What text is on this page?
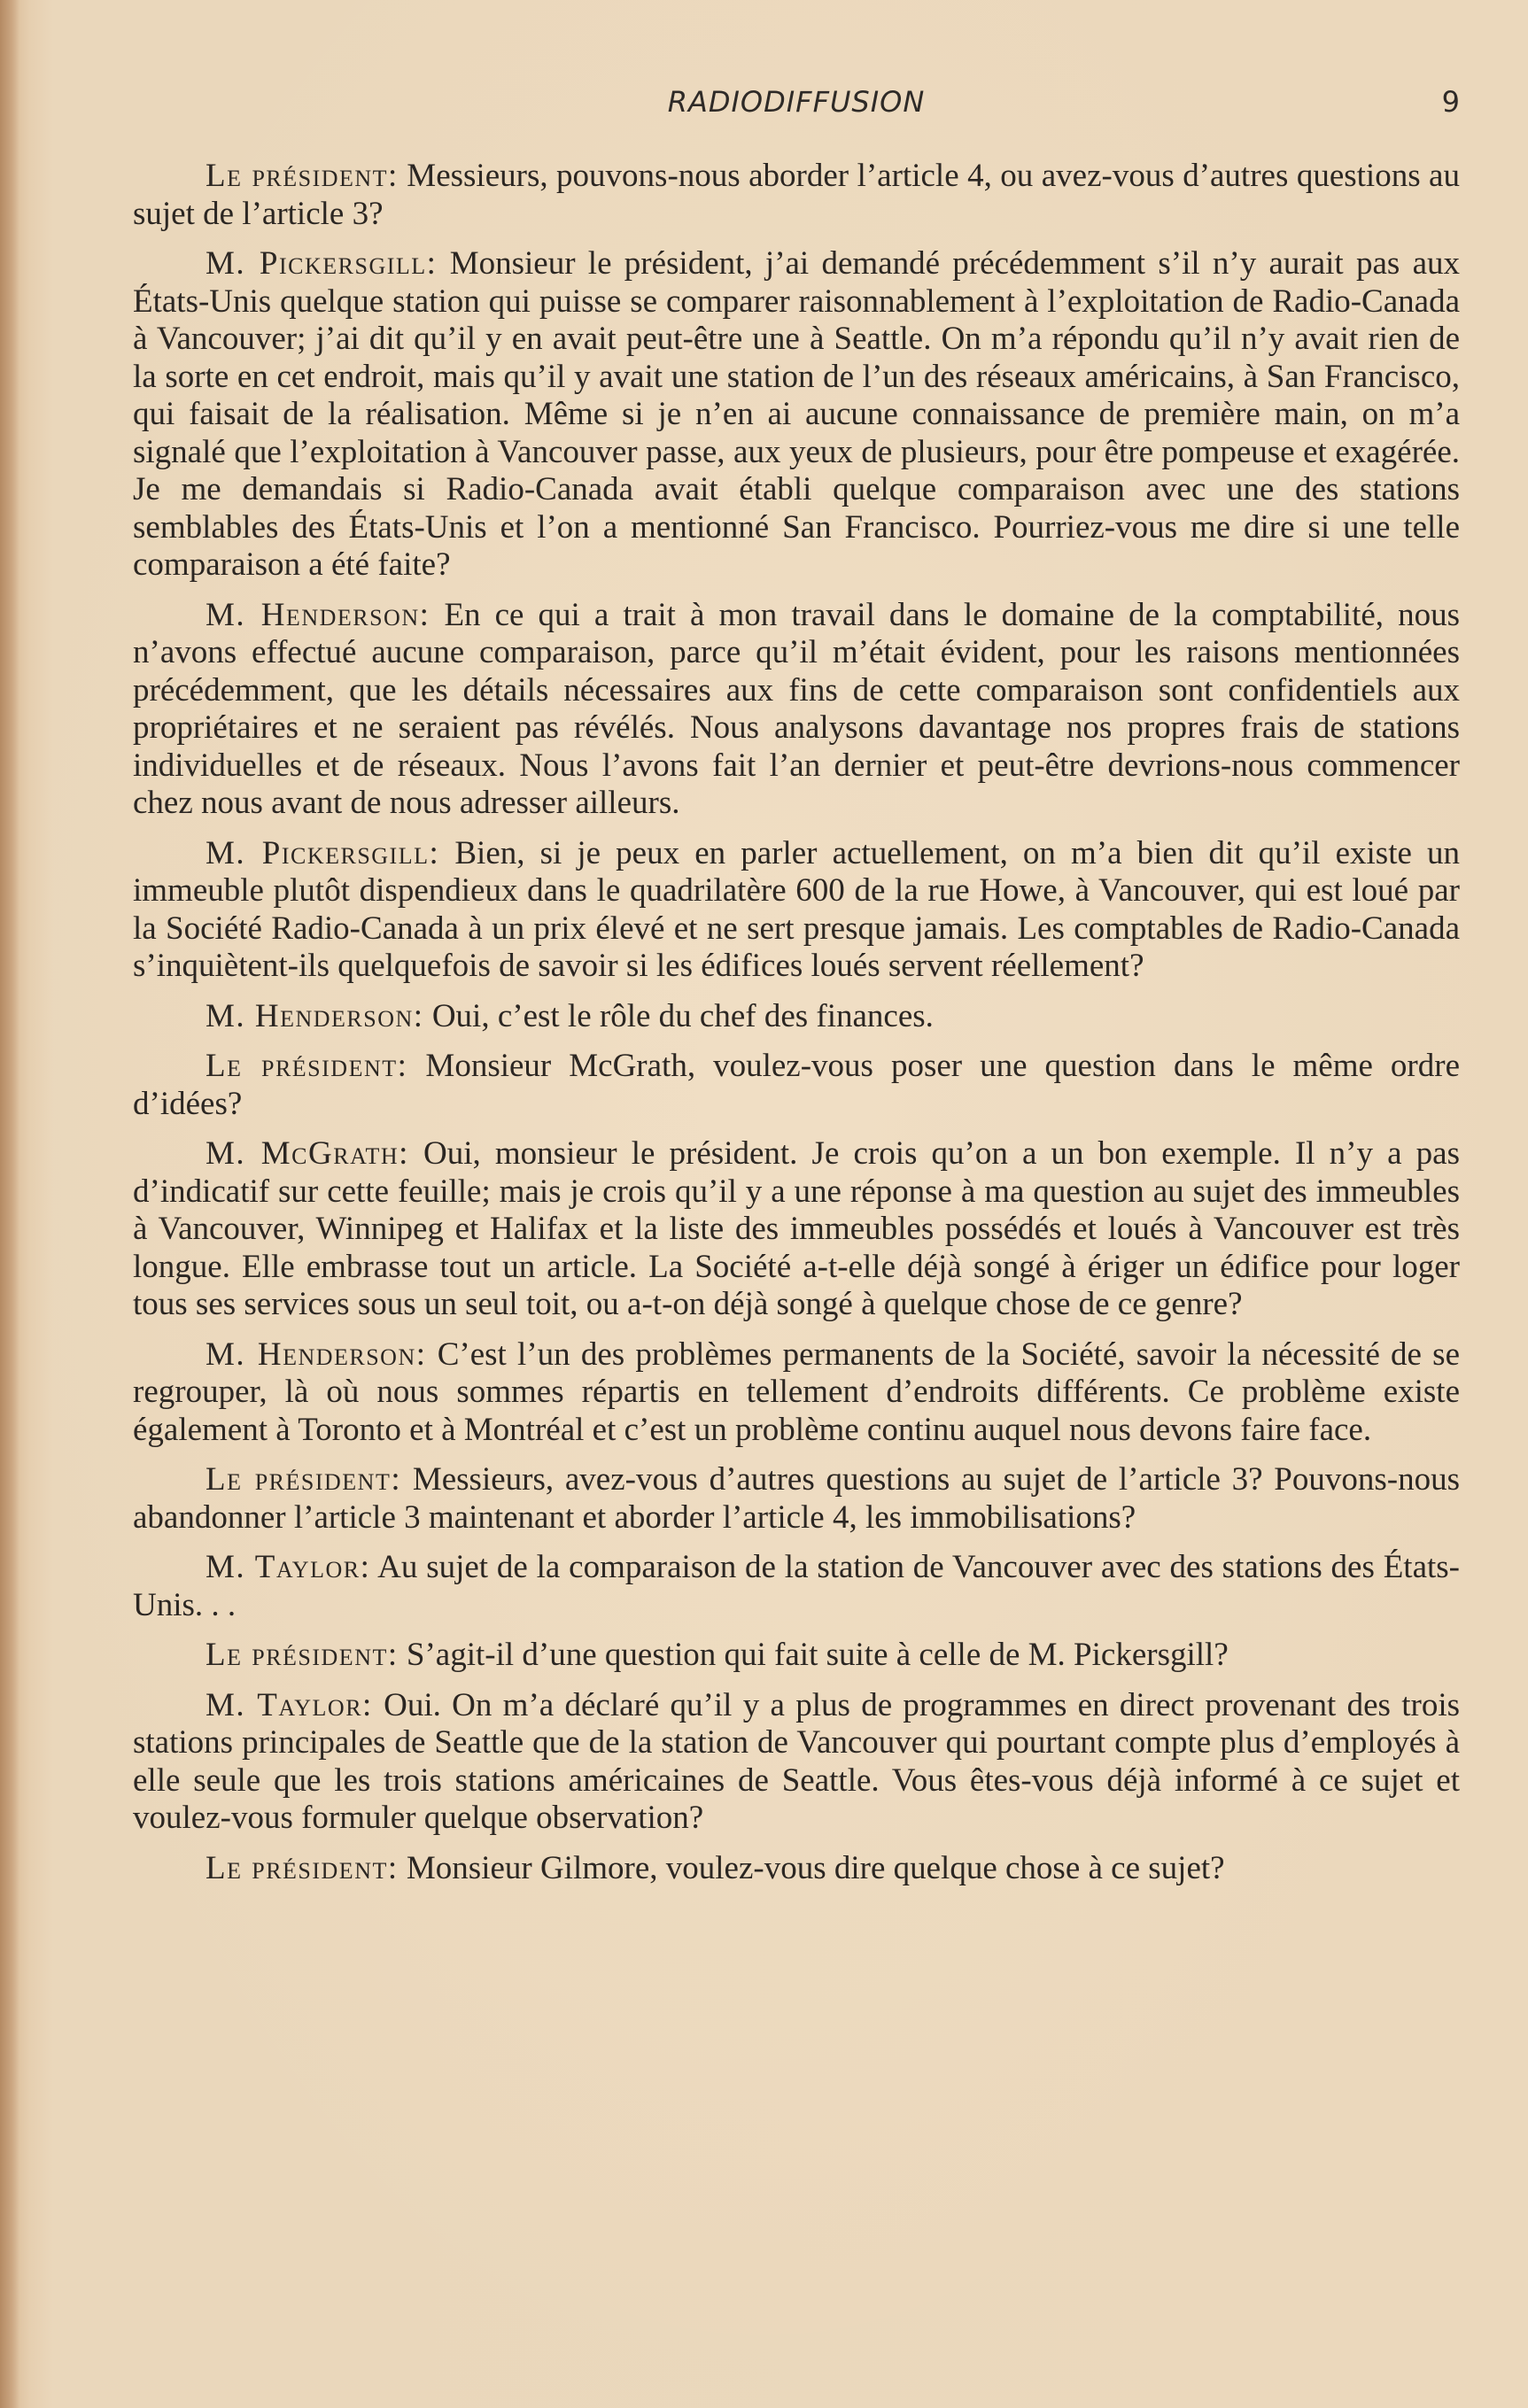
RADIODIFFUSION	9

Le président: Messieurs, pouvons-nous aborder l’article 4, ou avez-vous d’autres questions au sujet de l’article 3?

M. Pickersgill: Monsieur le président, j’ai demandé précédemment s’il n’y aurait pas aux États-Unis quelque station qui puisse se comparer raisonnablement à l’exploitation de Radio-Canada à Vancouver; j’ai dit qu’il y en avait peut-être une à Seattle. On m’a répondu qu’il n’y avait rien de la sorte en cet endroit, mais qu’il y avait une station de l’un des réseaux américains, à San Francisco, qui faisait de la réalisation. Même si je n’en ai aucune connaissance de première main, on m’a signalé que l’exploitation à Vancouver passe, aux yeux de plusieurs, pour être pompeuse et exagérée. Je me demandais si Radio-Canada avait établi quelque comparaison avec une des stations semblables des États-Unis et l’on a mentionné San Francisco. Pourriez-vous me dire si une telle comparaison a été faite?

M. Henderson: En ce qui a trait à mon travail dans le domaine de la comptabilité, nous n’avons effectué aucune comparaison, parce qu’il m’était évident, pour les raisons mentionnées précédemment, que les détails nécessaires aux fins de cette comparaison sont confidentiels aux propriétaires et ne seraient pas révélés. Nous analysons davantage nos propres frais de stations individuelles et de réseaux. Nous l’avons fait l’an dernier et peut-être devrions-nous commencer chez nous avant de nous adresser ailleurs.

M. Pickersgill: Bien, si je peux en parler actuellement, on m’a bien dit qu’il existe un immeuble plutôt dispendieux dans le quadrilatère 600 de la rue Howe, à Vancouver, qui est loué par la Société Radio-Canada à un prix élevé et ne sert presque jamais. Les comptables de Radio-Canada s’inquiètent-ils quelquefois de savoir si les édifices loués servent réellement?

M. Henderson: Oui, c’est le rôle du chef des finances.

Le président: Monsieur McGrath, voulez-vous poser une question dans le même ordre d’idées?

M. McGrath: Oui, monsieur le président. Je crois qu’on a un bon exemple. Il n’y a pas d’indicatif sur cette feuille; mais je crois qu’il y a une réponse à ma question au sujet des immeubles à Vancouver, Winnipeg et Halifax et la liste des immeubles possédés et loués à Vancouver est très longue. Elle embrasse tout un article. La Société a-t-elle déjà songé à ériger un édifice pour loger tous ses services sous un seul toit, ou a-t-on déjà songé à quelque chose de ce genre?

M. Henderson: C’est l’un des problèmes permanents de la Société, savoir la nécessité de se regrouper, là où nous sommes répartis en tellement d’endroits différents. Ce problème existe également à Toronto et à Montréal et c’est un problème continu auquel nous devons faire face.

Le président: Messieurs, avez-vous d’autres questions au sujet de l’article 3? Pouvons-nous abandonner l’article 3 maintenant et aborder l’article 4, les immobilisations?

M. Taylor: Au sujet de la comparaison de la station de Vancouver avec des stations des États-Unis. . .

Le président: S’agit-il d’une question qui fait suite à celle de M. Pickersgill?

M. Taylor: Oui. On m’a déclaré qu’il y a plus de programmes en direct provenant des trois stations principales de Seattle que de la station de Vancouver qui pourtant compte plus d’employés à elle seule que les trois stations américaines de Seattle. Vous êtes-vous déjà informé à ce sujet et voulez-vous formuler quelque observation?

Le président: Monsieur Gilmore, voulez-vous dire quelque chose à ce sujet?
